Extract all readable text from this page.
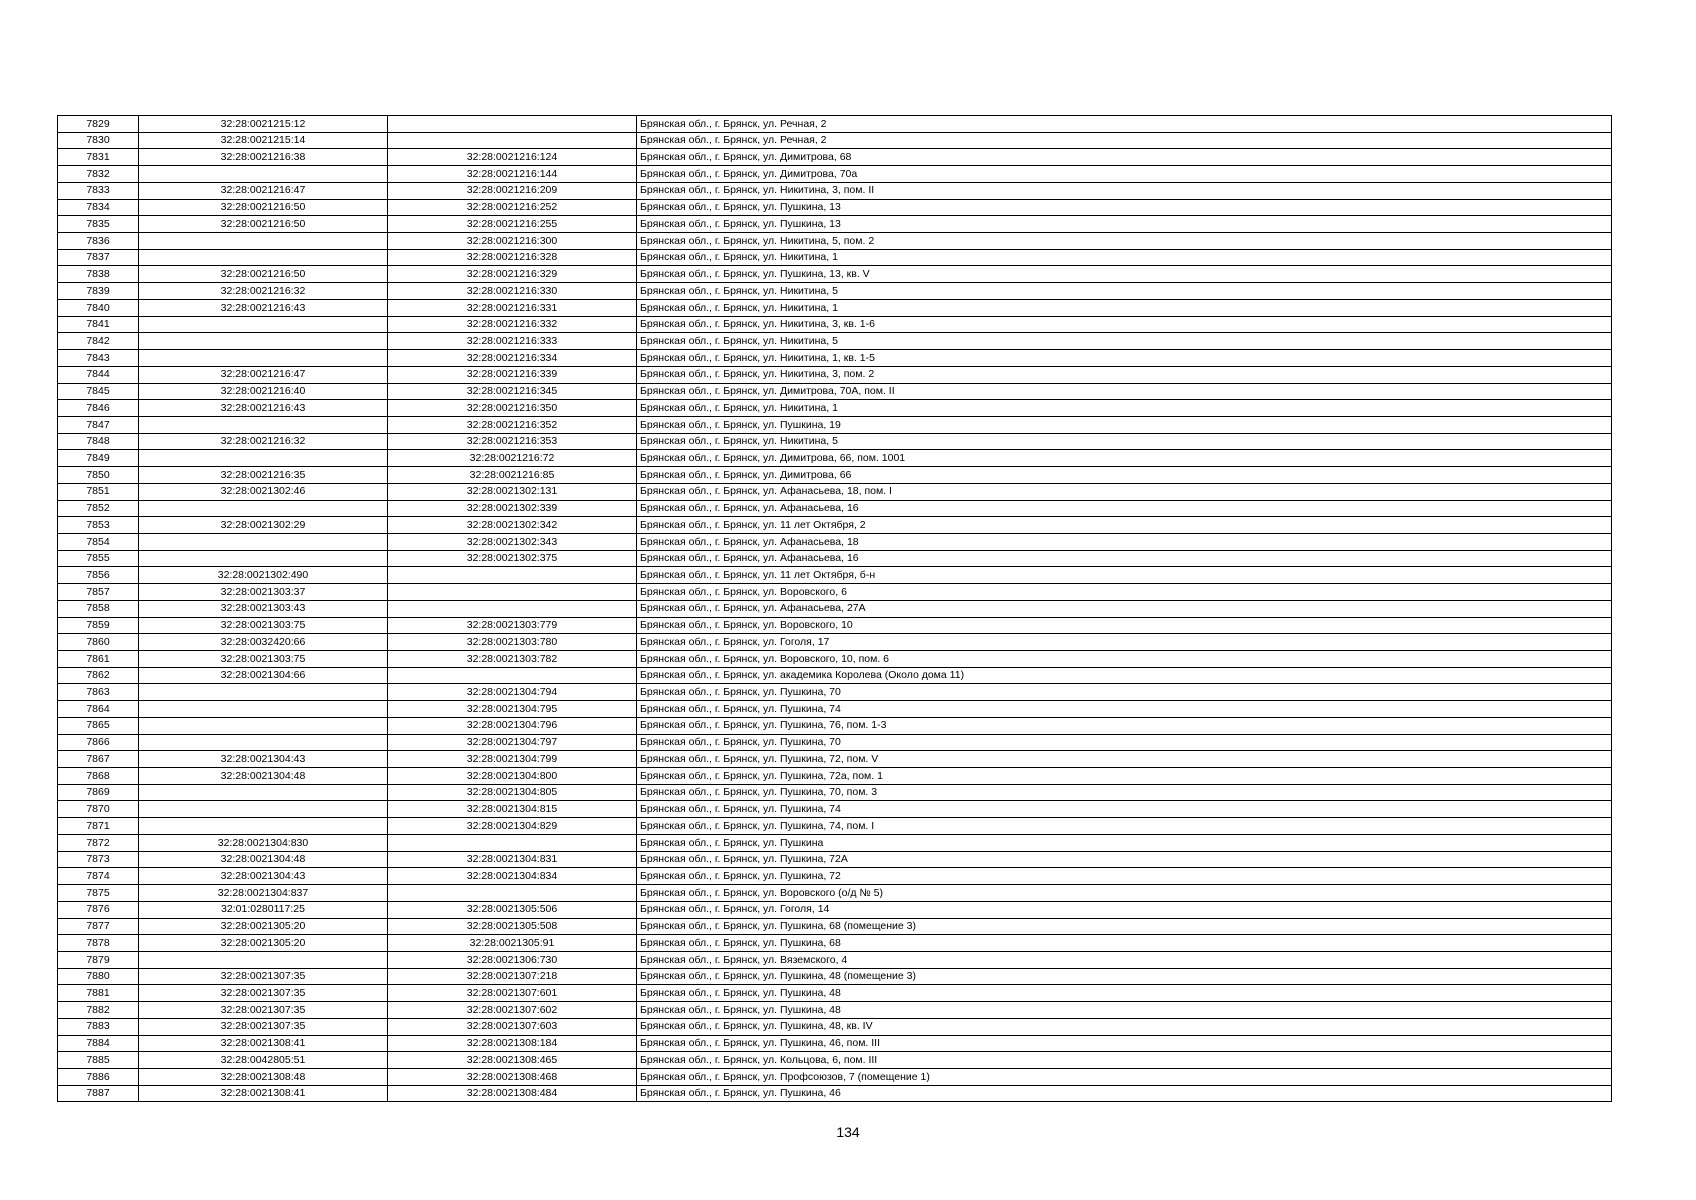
7829	32:28:0021215:12		Брянская обл., г. Брянск, ул. Речная, 2
7830	32:28:0021215:14		Брянская обл., г. Брянск, ул. Речная, 2
7831	32:28:0021216:38	32:28:0021216:124	Брянская обл., г. Брянск, ул. Димитрова, 68
7832		32:28:0021216:144	Брянская обл., г. Брянск, ул. Димитрова, 70а
7833	32:28:0021216:47	32:28:0021216:209	Брянская обл., г. Брянск, ул. Никитина, 3, пом. II
7834	32:28:0021216:50	32:28:0021216:252	Брянская обл., г. Брянск, ул. Пушкина, 13
7835	32:28:0021216:50	32:28:0021216:255	Брянская обл., г. Брянск, ул. Пушкина, 13
7836		32:28:0021216:300	Брянская обл., г. Брянск, ул. Никитина, 5, пом. 2
7837		32:28:0021216:328	Брянская обл., г. Брянск, ул. Никитина, 1
7838	32:28:0021216:50	32:28:0021216:329	Брянская обл., г. Брянск, ул. Пушкина, 13, кв. V
7839	32:28:0021216:32	32:28:0021216:330	Брянская обл., г. Брянск, ул. Никитина, 5
7840	32:28:0021216:43	32:28:0021216:331	Брянская обл., г. Брянск, ул. Никитина, 1
7841		32:28:0021216:332	Брянская обл., г. Брянск, ул. Никитина, 3, кв. 1-6
7842		32:28:0021216:333	Брянская обл., г. Брянск, ул. Никитина, 5
7843		32:28:0021216:334	Брянская обл., г. Брянск, ул. Никитина, 1, кв. 1-5
7844	32:28:0021216:47	32:28:0021216:339	Брянская обл., г. Брянск, ул. Никитина, 3, пом. 2
7845	32:28:0021216:40	32:28:0021216:345	Брянская обл., г. Брянск, ул. Димитрова, 70А, пом. II
7846	32:28:0021216:43	32:28:0021216:350	Брянская обл., г. Брянск, ул. Никитина, 1
7847		32:28:0021216:352	Брянская обл., г. Брянск, ул. Пушкина, 19
7848	32:28:0021216:32	32:28:0021216:353	Брянская обл., г. Брянск, ул. Никитина, 5
7849		32:28:0021216:72	Брянская обл., г. Брянск, ул. Димитрова, 66, пом. 1001
7850	32:28:0021216:35	32:28:0021216:85	Брянская обл., г. Брянск, ул. Димитрова, 66
7851	32:28:0021302:46	32:28:0021302:131	Брянская обл., г. Брянск, ул. Афанасьева, 18, пом. I
7852		32:28:0021302:339	Брянская обл., г. Брянск, ул. Афанасьева, 16
7853	32:28:0021302:29	32:28:0021302:342	Брянская обл., г. Брянск, ул. 11 лет Октября, 2
7854		32:28:0021302:343	Брянская обл., г. Брянск, ул. Афанасьева, 18
7855		32:28:0021302:375	Брянская обл., г. Брянск, ул. Афанасьева, 16
7856	32:28:0021302:490		Брянская обл., г. Брянск, ул. 11 лет Октября, б-н
7857	32:28:0021303:37		Брянская обл., г. Брянск, ул. Воровского, 6
7858	32:28:0021303:43		Брянская обл., г. Брянск, ул. Афанасьева, 27А
7859	32:28:0021303:75	32:28:0021303:779	Брянская обл., г. Брянск, ул. Воровского, 10
7860	32:28:0032420:66	32:28:0021303:780	Брянская обл., г. Брянск, ул. Гоголя, 17
7861	32:28:0021303:75	32:28:0021303:782	Брянская обл., г. Брянск, ул. Воровского, 10, пом. 6
7862	32:28:0021304:66		Брянская обл., г. Брянск, ул. академика Королева (Около дома 11)
7863		32:28:0021304:794	Брянская обл., г. Брянск, ул. Пушкина, 70
7864		32:28:0021304:795	Брянская обл., г. Брянск, ул. Пушкина, 74
7865		32:28:0021304:796	Брянская обл., г. Брянск, ул. Пушкина, 76, пом. 1-3
7866		32:28:0021304:797	Брянская обл., г. Брянск, ул. Пушкина, 70
7867	32:28:0021304:43	32:28:0021304:799	Брянская обл., г. Брянск, ул. Пушкина, 72, пом. V
7868	32:28:0021304:48	32:28:0021304:800	Брянская обл., г. Брянск, ул. Пушкина, 72а, пом. 1
7869		32:28:0021304:805	Брянская обл., г. Брянск, ул. Пушкина, 70, пом. 3
7870		32:28:0021304:815	Брянская обл., г. Брянск, ул. Пушкина, 74
7871		32:28:0021304:829	Брянская обл., г. Брянск, ул. Пушкина, 74, пом. I
7872	32:28:0021304:830		Брянская обл., г. Брянск, ул. Пушкина
7873	32:28:0021304:48	32:28:0021304:831	Брянская обл., г. Брянск, ул. Пушкина, 72А
7874	32:28:0021304:43	32:28:0021304:834	Брянская обл., г. Брянск, ул. Пушкина, 72
7875	32:28:0021304:837		Брянская обл., г. Брянск, ул. Воровского (о/д № 5)
7876	32:01:0280117:25	32:28:0021305:506	Брянская обл., г. Брянск, ул. Гоголя, 14
7877	32:28:0021305:20	32:28:0021305:508	Брянская обл., г. Брянск, ул. Пушкина, 68 (помещение 3)
7878	32:28:0021305:20	32:28:0021305:91	Брянская обл., г. Брянск, ул. Пушкина, 68
7879		32:28:0021306:730	Брянская обл., г. Брянск, ул. Вяземского, 4
7880	32:28:0021307:35	32:28:0021307:218	Брянская обл., г. Брянск, ул. Пушкина, 48 (помещение 3)
7881	32:28:0021307:35	32:28:0021307:601	Брянская обл., г. Брянск, ул. Пушкина, 48
7882	32:28:0021307:35	32:28:0021307:602	Брянская обл., г. Брянск, ул. Пушкина, 48
7883	32:28:0021307:35	32:28:0021307:603	Брянская обл., г. Брянск, ул. Пушкина, 48, кв. IV
7884	32:28:0021308:41	32:28:0021308:184	Брянская обл., г. Брянск, ул. Пушкина, 46, пом. III
7885	32:28:0042805:51	32:28:0021308:465	Брянская обл., г. Брянск, ул. Кольцова, 6, пом. III
7886	32:28:0021308:48	32:28:0021308:468	Брянская обл., г. Брянск, ул. Профсоюзов, 7 (помещение 1)
7887	32:28:0021308:41	32:28:0021308:484	Брянская обл., г. Брянск, ул. Пушкина, 46
134
